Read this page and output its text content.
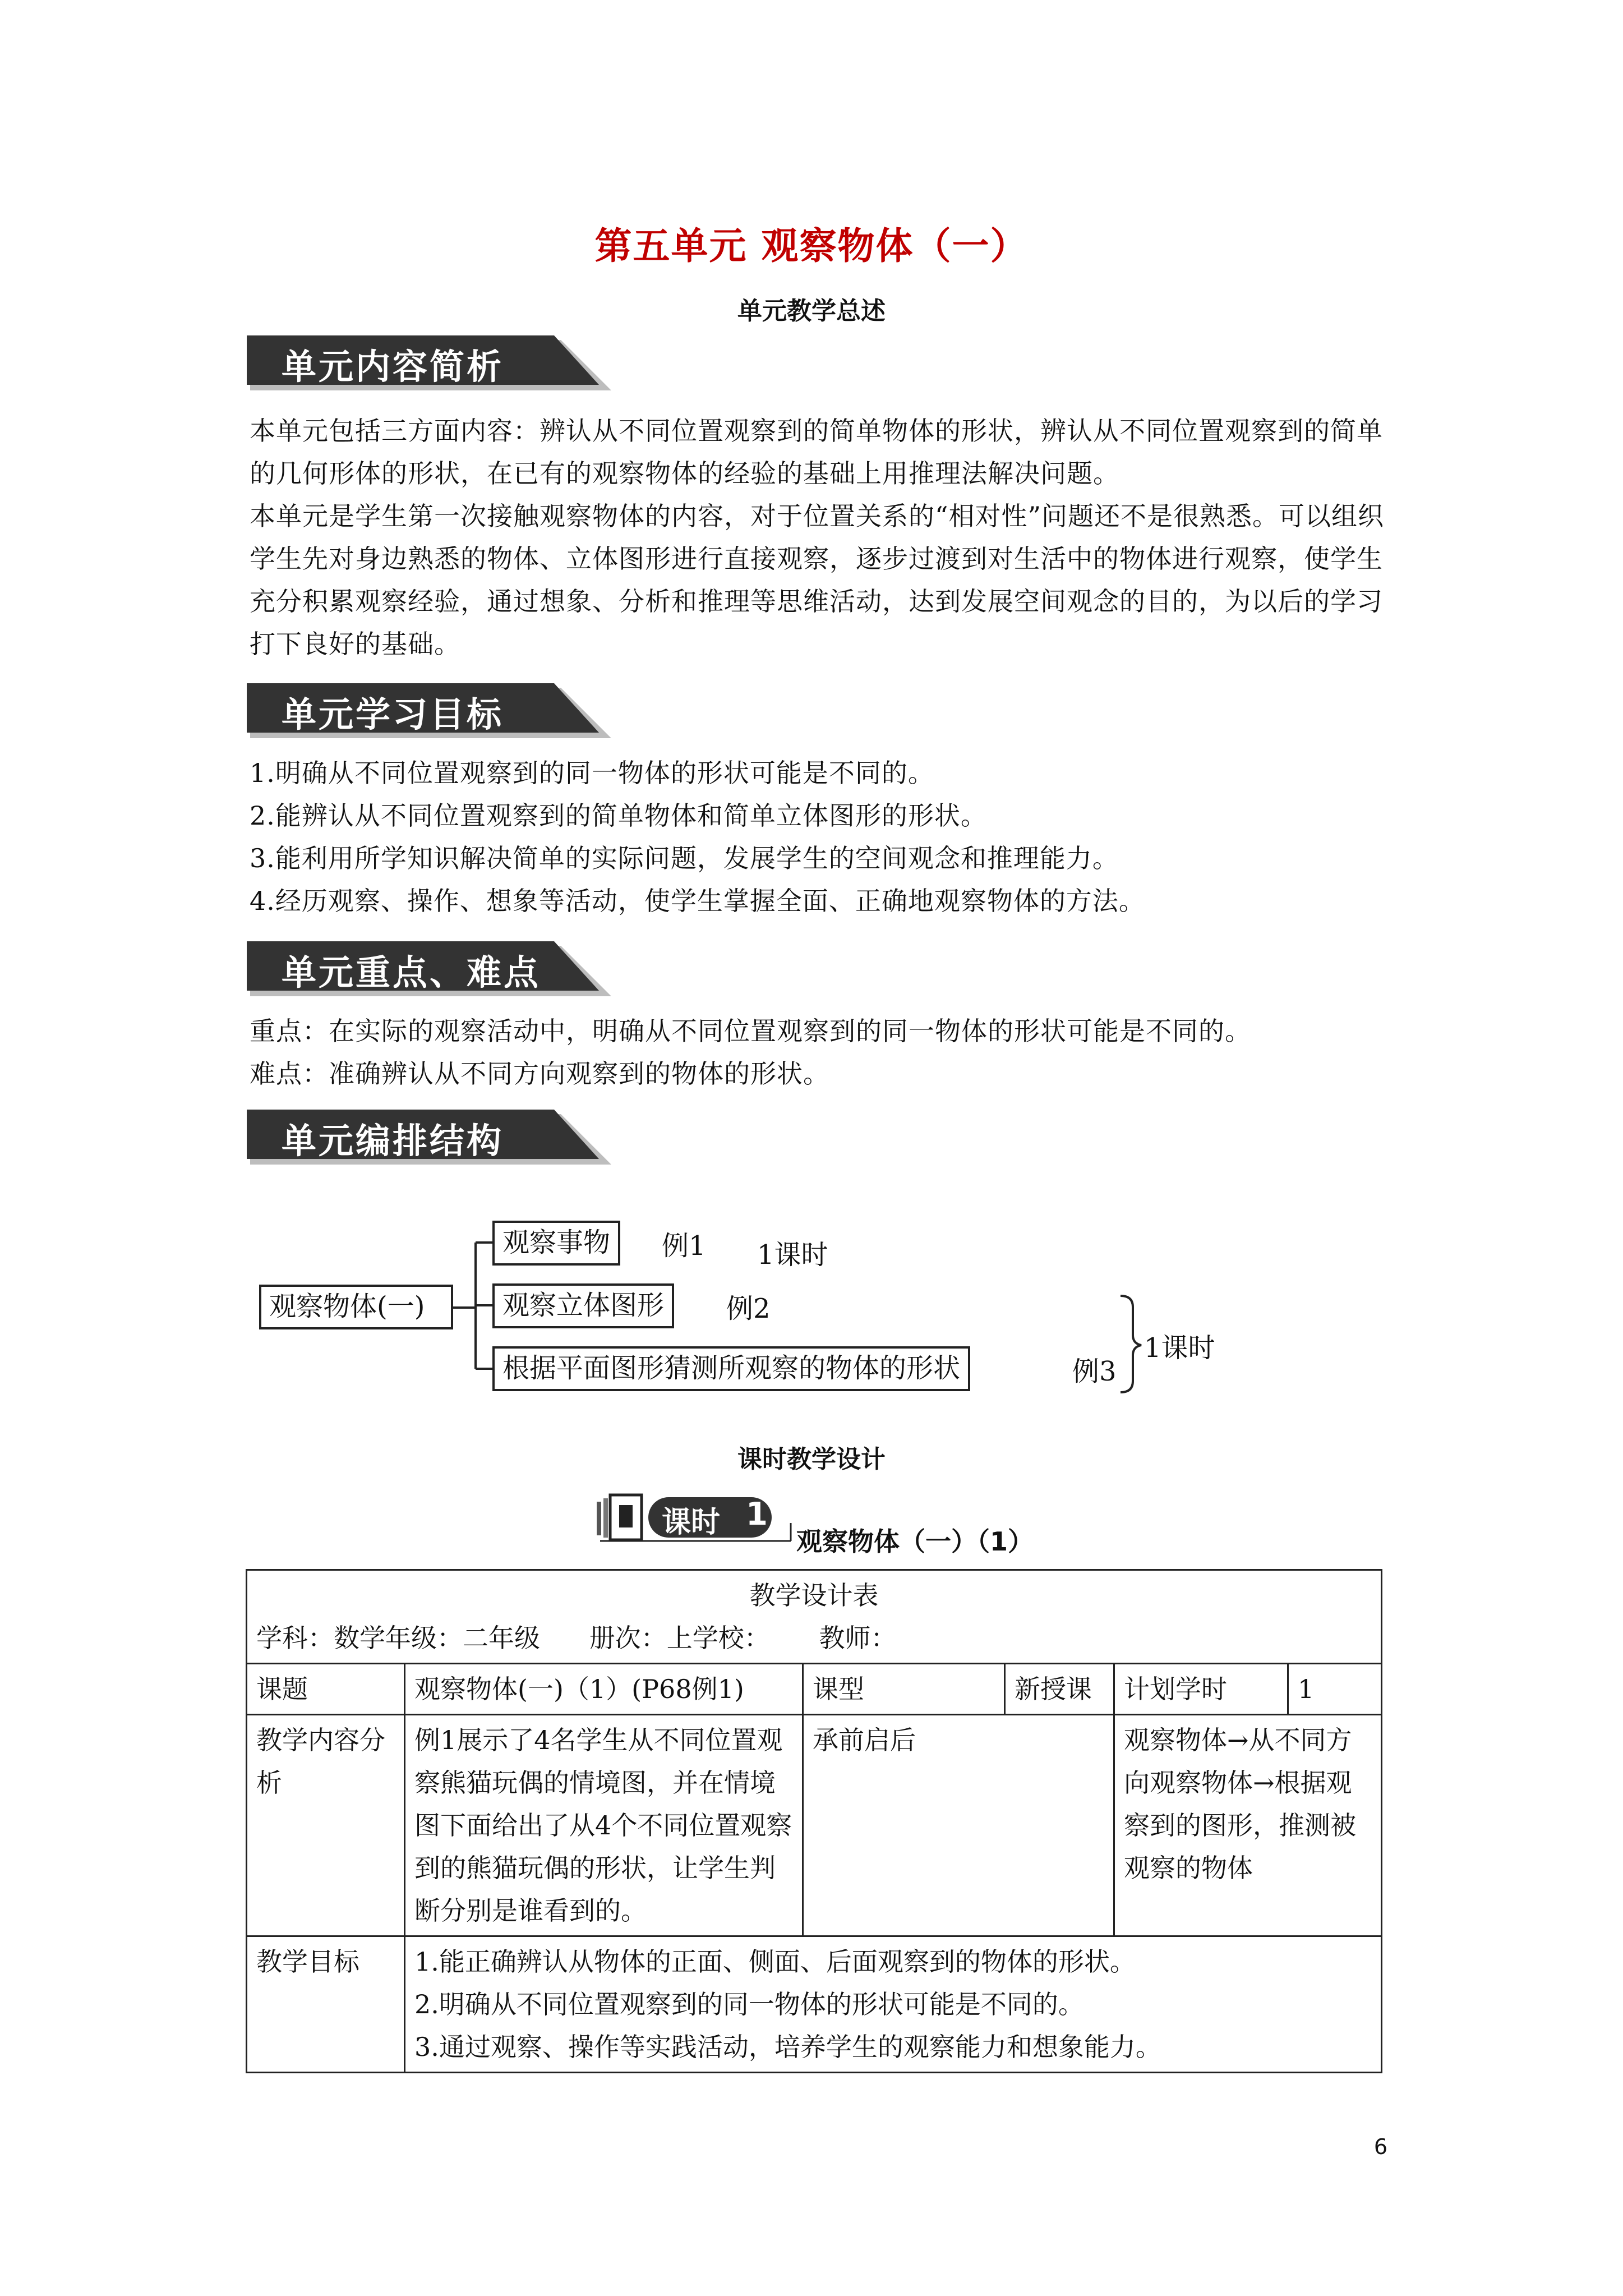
第五单元 观察物体（一）
单元教学总述
单元内容简析

本单元包括三方面内容：辨认从不同位置观察到的简单物体的形状，辨认从不同位置观察到的简单的几何形体的形状，在已有的观察物体的经验的基础上用推理法解决问题。

本单元是学生第一次接触观察物体的内容，对于位置关系的“相对性”问题还不是很熟悉。可以组织学生先对身边熟悉的物体、立体图形进行直接观察，逐步过渡到对生活中的物体进行观察，使学生充分积累观察经验，通过想象、分析和推理等思维活动，达到发展空间观念的目的，为以后的学习打下良好的基础。

单元学习目标

1.明确从不同位置观察到的同一物体的形状可能是不同的。

2.能辨认从不同位置观察到的简单物体和简单立体图形的形状。

3.能利用所学知识解决简单的实际问题，发展学生的空间观念和推理能力。

4.经历观察、操作、想象等活动，使学生掌握全面、正确地观察物体的方法。

单元重点、难点

重点：在实际的观察活动中，明确从不同位置观察到的同一物体的形状可能是不同的。

难点：准确辨认从不同方向观察到的物体的形状。

单元编排结构
观察物体(一)
观察事物	例1 1课时
观察立体图形	例2
根据平面图形猜测所观察的物体的形状	例3
1课时
课时教学设计
课时 1
观察物体（一）（1）
教学设计表					
学科：数学年级：二年级      册次：上学校：      教师：					
课题	观察物体(一)（1）(P68例1)	课型	新授课	计划学时	1
教学内容分析	例1展示了4名学生从不同位置观察熊猫玩偶的情境图，并在情境图下面给出了从4个不同位置观察到的熊猫玩偶的形状，让学生判断分别是谁看到的。	承前启后		观察物体→从不同方向观察物体→根据观察到的图形，推测被观察的物体	
教学目标	1.能正确辨认从物体的正面、侧面、后面观察到的物体的形状。
2.明确从不同位置观察到的同一物体的形状可能是不同的。
3.通过观察、操作等实践活动，培养学生的观察能力和想象能力。				
6
